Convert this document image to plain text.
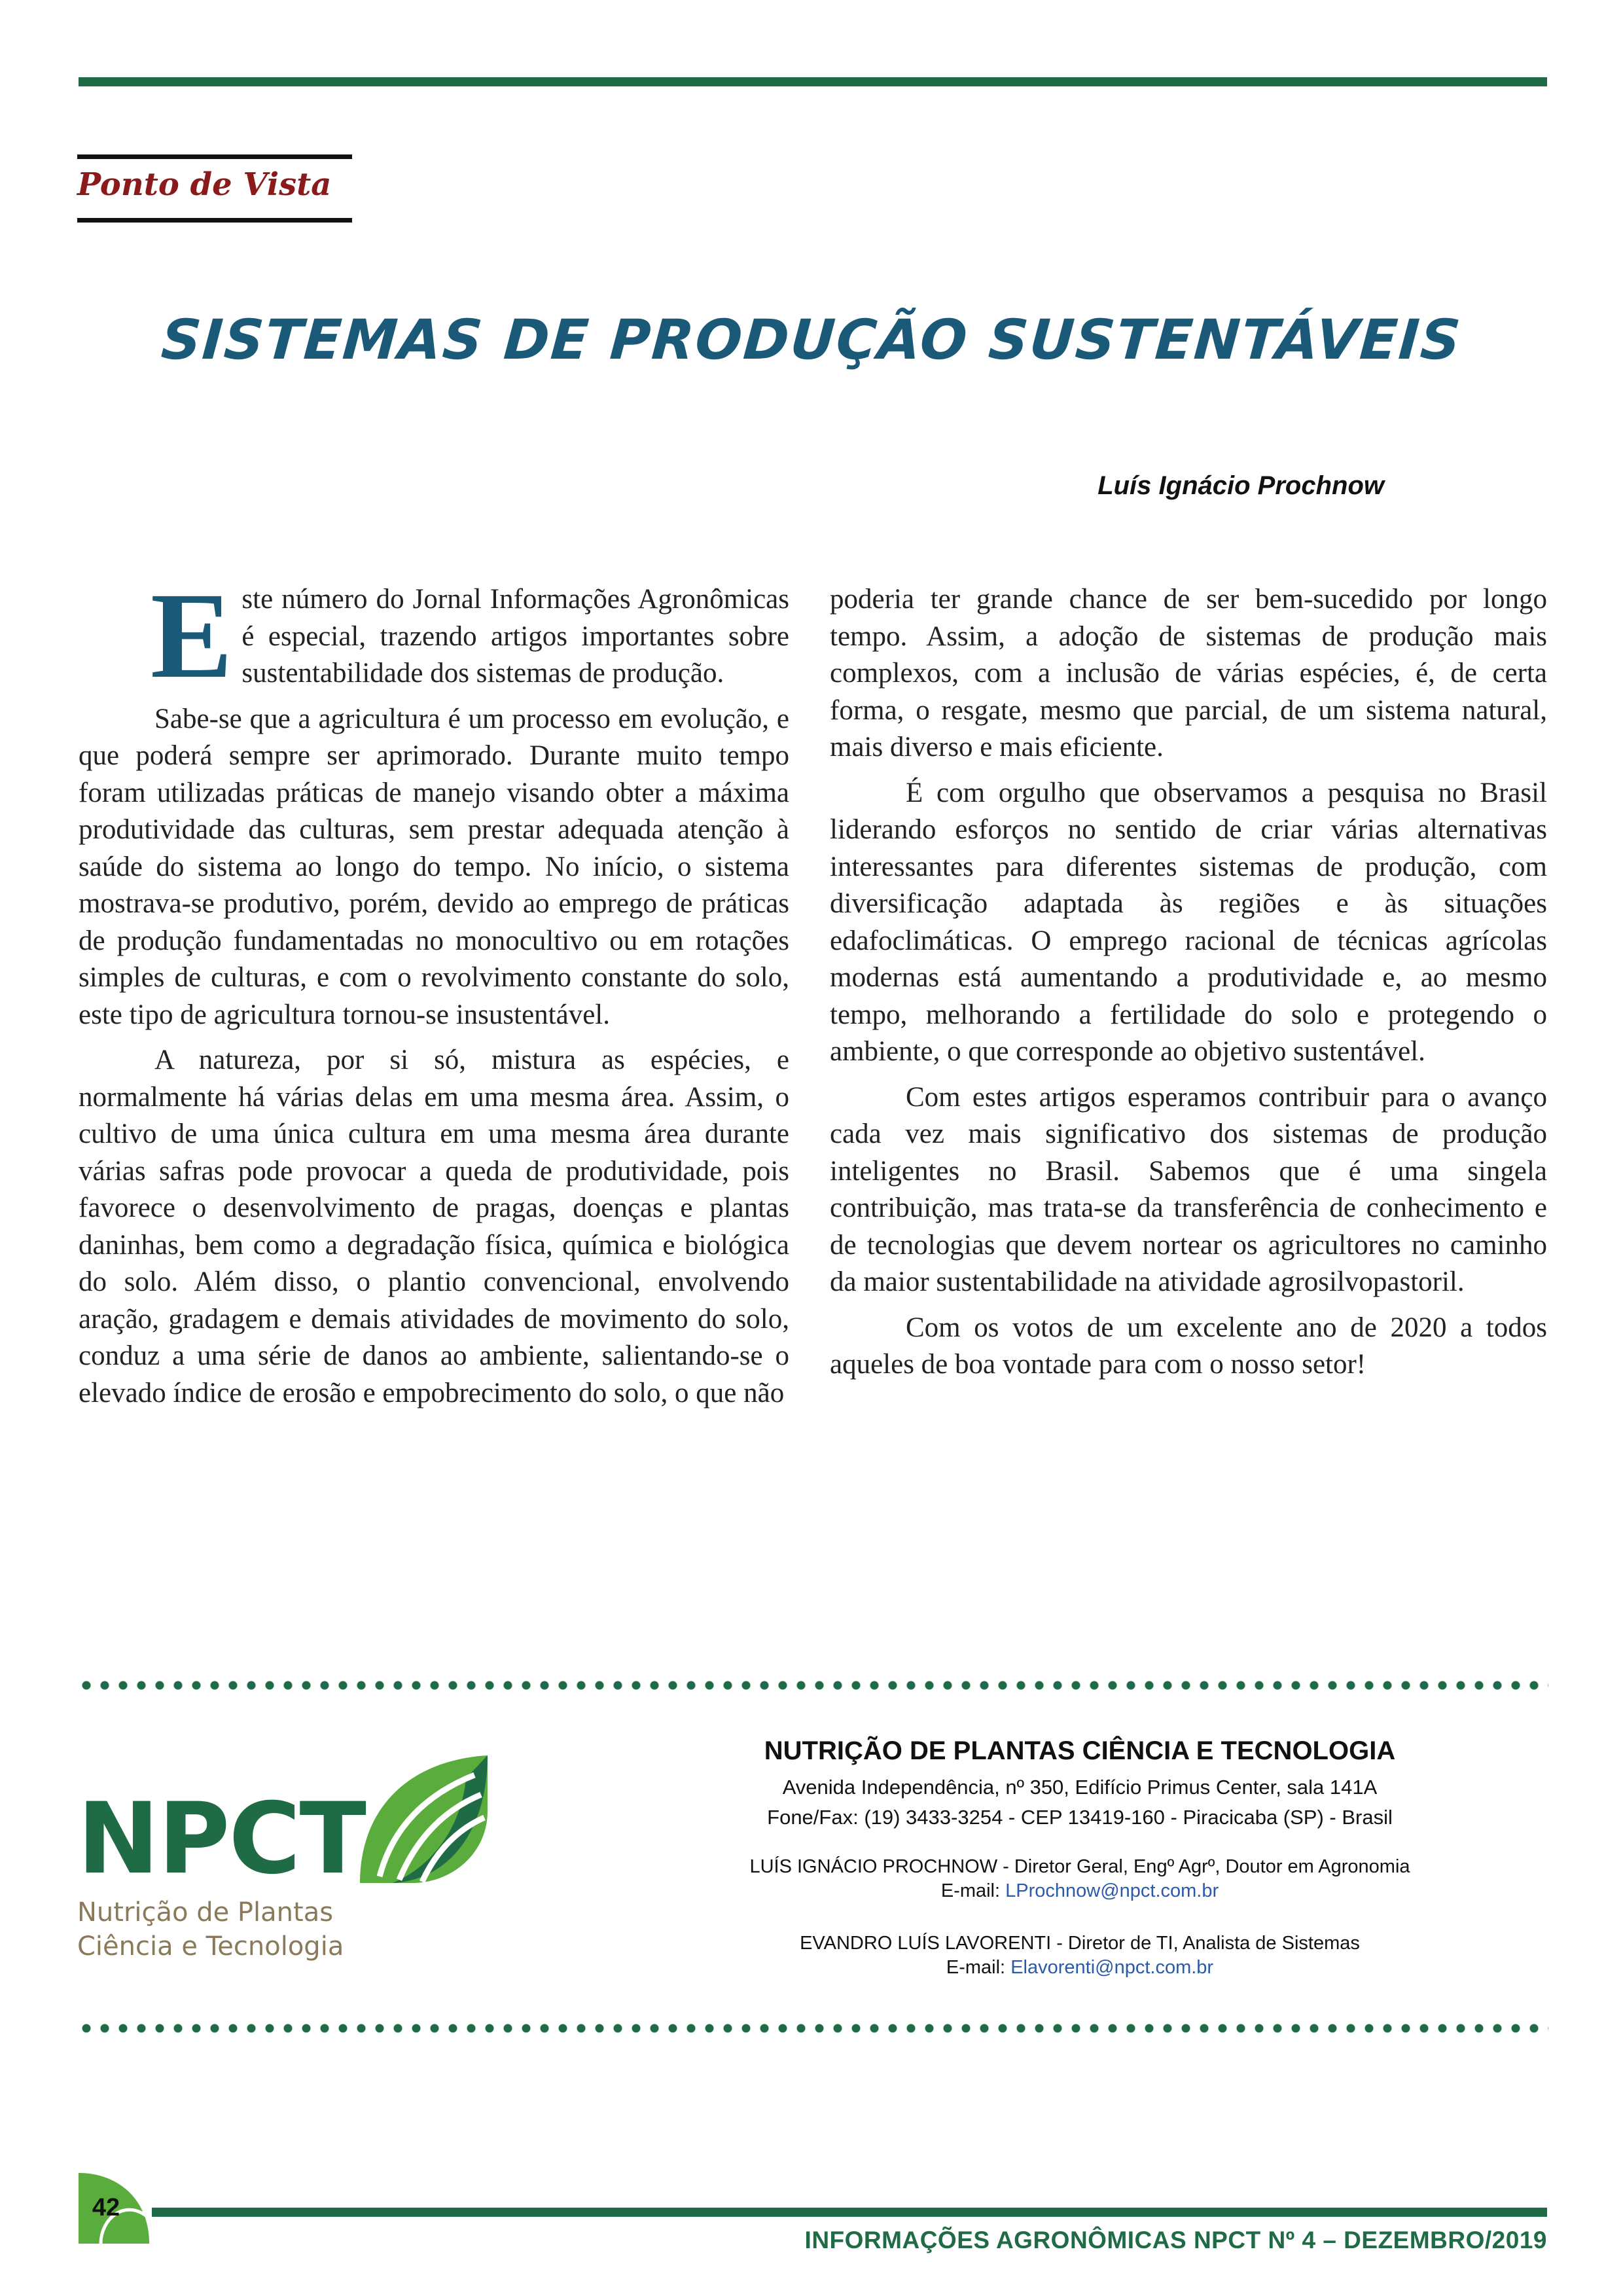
Ponto de Vista
SISTEMAS DE PRODUÇÃO SUSTENTÁVEIS
Luís Ignácio Prochnow
E ste número do Jornal Informações Agronômicas é especial, trazendo artigos importantes sobre sustentabilidade dos sistemas de produção.

Sabe-se que a agricultura é um processo em evolução, e que poderá sempre ser aprimorado. Durante muito tempo foram utilizadas práticas de manejo visando obter a máxima produtividade das culturas, sem prestar adequada atenção à saúde do sistema ao longo do tempo. No início, o sistema mostrava-se produtivo, porém, devido ao emprego de práticas de produção fundamentadas no monocultivo ou em rotações simples de culturas, e com o revolvimento constante do solo, este tipo de agricultura tornou-se insustentável.

A natureza, por si só, mistura as espécies, e normalmente há várias delas em uma mesma área. Assim, o cultivo de uma única cultura em uma mesma área durante várias safras pode provocar a queda de produtividade, pois favorece o desenvolvimento de pragas, doenças e plantas daninhas, bem como a degradação física, química e biológica do solo. Além disso, o plantio convencional, envolvendo aração, gradagem e demais atividades de movimento do solo, conduz a uma série de danos ao ambiente, salientando-se o elevado índice de erosão e empobrecimento do solo, o que não

poderia ter grande chance de ser bem-sucedido por longo tempo. Assim, a adoção de sistemas de produção mais complexos, com a inclusão de várias espécies, é, de certa forma, o resgate, mesmo que parcial, de um sistema natural, mais diverso e mais eficiente.

É com orgulho que observamos a pesquisa no Brasil liderando esforços no sentido de criar várias alternativas interessantes para diferentes sistemas de produção, com diversificação adaptada às regiões e às situações edafoclimáticas. O emprego racional de técnicas agrícolas modernas está aumentando a produtividade e, ao mesmo tempo, melhorando a fertilidade do solo e protegendo o ambiente, o que corresponde ao objetivo sustentável.

Com estes artigos esperamos contribuir para o avanço cada vez mais significativo dos sistemas de produção inteligentes no Brasil. Sabemos que é uma singela contribuição, mas trata-se da transferência de conhecimento e de tecnologias que devem nortear os agricultores no caminho da maior sustentabilidade na atividade agrosilvopastoril.

Com os votos de um excelente ano de 2020 a todos aqueles de boa vontade para com o nosso setor!

NPCT
Nutrição de Plantas
Ciência e Tecnologia
NUTRIÇÃO DE PLANTAS CIÊNCIA E TECNOLOGIA
Avenida Independência, nº 350, Edifício Primus Center, sala 141A
Fone/Fax: (19) 3433-3254 - CEP 13419-160 - Piracicaba (SP) - Brasil
LUÍS IGNÁCIO PROCHNOW - Diretor Geral, Engº Agrº, Doutor em Agronomia
E-mail: LProchnow@npct.com.br
EVANDRO LUÍS LAVORENTI - Diretor de TI, Analista de Sistemas
E-mail: Elavorenti@npct.com.br
42
INFORMAÇÕES AGRONÔMICAS NPCT Nº 4 – DEZEMBRO/2019
